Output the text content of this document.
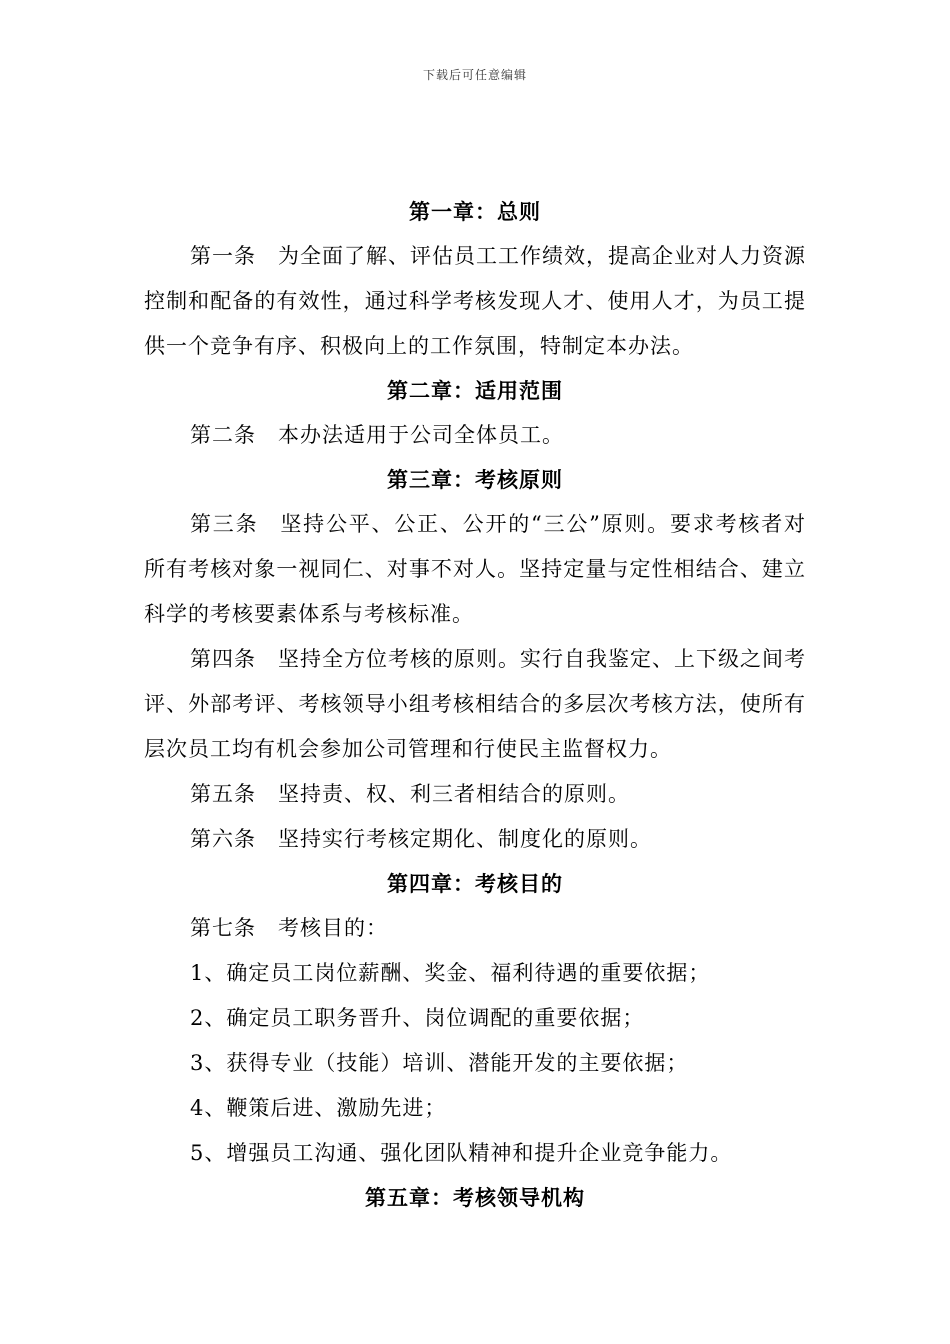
下载后可任意编辑
第一章：总则

第一条 为全面了解、评估员工工作绩效，提高企业对人力资源控制和配备的有效性，通过科学考核发现人才、使用人才，为员工提供一个竞争有序、积极向上的工作氛围，特制定本办法。

第二章：适用范围

第二条 本办法适用于公司全体员工。

第三章：考核原则

第三条 坚持公平、公正、公开的“三公”原则。要求考核者对所有考核对象一视同仁、对事不对人。坚持定量与定性相结合、建立科学的考核要素体系与考核标准。

第四条 坚持全方位考核的原则。实行自我鉴定、上下级之间考评、外部考评、考核领导小组考核相结合的多层次考核方法，使所有层次员工均有机会参加公司管理和行使民主监督权力。

第五条 坚持责、权、利三者相结合的原则。

第六条 坚持实行考核定期化、制度化的原则。

第四章：考核目的

第七条 考核目的：

1、确定员工岗位薪酬、奖金、福利待遇的重要依据；

2、确定员工职务晋升、岗位调配的重要依据；

3、获得专业（技能）培训、潜能开发的主要依据；

4、鞭策后进、激励先进；

5、增强员工沟通、强化团队精神和提升企业竞争能力。

第五章：考核领导机构
